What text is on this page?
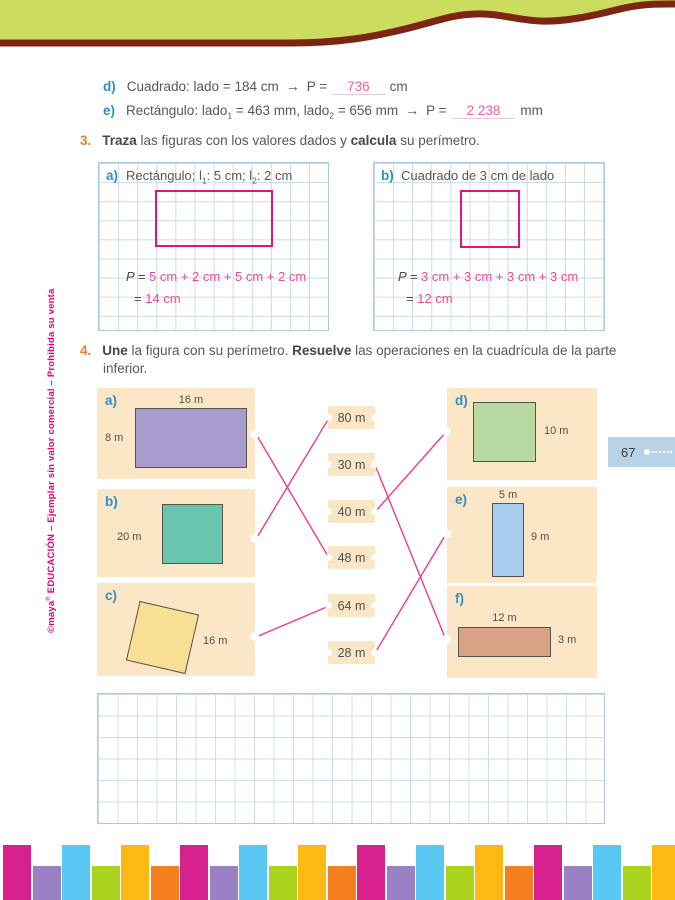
d) Cuadrado: lado = 184 cm → P = 736 cm
e) Rectángulo: lado$_1$ = 463 mm, lado$_2$ = 656 mm → P = 2 238 mm
3. Traza las figuras con los valores dados y calcula su perímetro.
a) Rectángulo; $l_1$: 5 cm; $l_2$: 2 cm
P = 5 cm + 2 cm + 5 cm + 2 cm
= 14 cm
b) Cuadrado de 3 cm de lado
P = 3 cm + 3 cm + 3 cm + 3 cm
= 12 cm
4. Une la figura con su perímetro. Resuelve las operaciones en la cuadrícula de la parte
inferior.
a)	16 m
8 m
b)
20 m
c)
16 m
d)
10 m
e)	5 m
9 m
f)
12 m
3 m
80 m
30 m
40 m
48 m
64 m
28 m
67
©maya® EDUCACIÓN – Ejemplar sin valor comercial – Prohibida su venta
